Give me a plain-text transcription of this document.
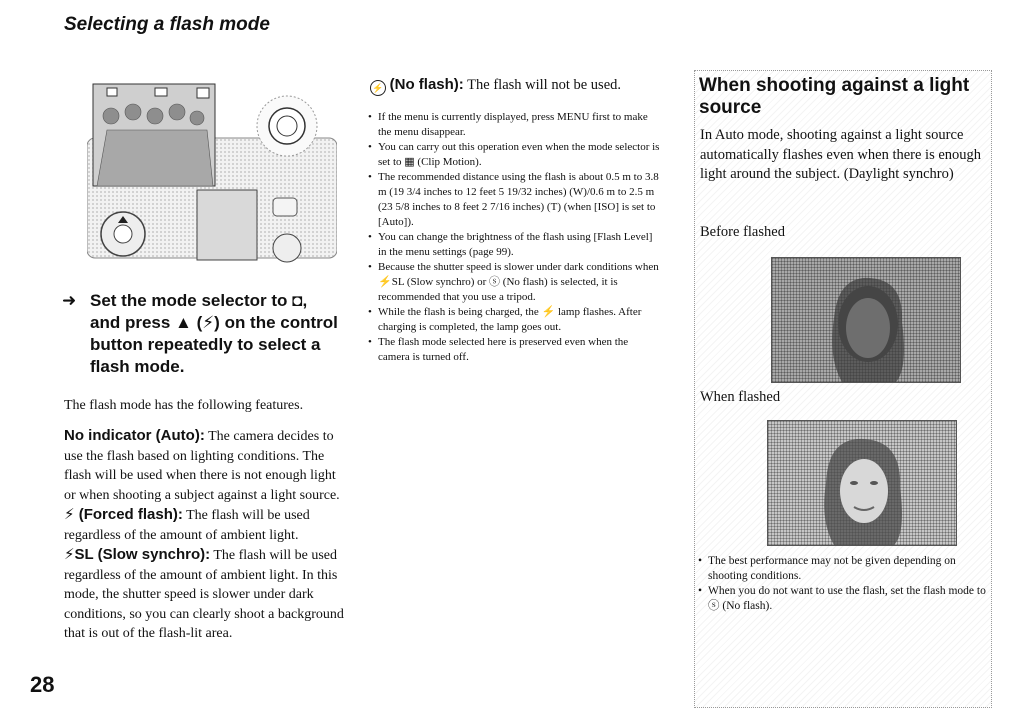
Selecting a flash mode
➜ Set the mode selector to ◘,
and press ▲ (⚡) on the control button repeatedly to select a flash mode.
The flash mode has the following features.
No indicator (Auto): The camera decides to use the flash based on lighting conditions. The flash will be used when there is not enough light or when shooting a subject against a light source.
⚡ (Forced flash): The flash will be used regardless of the amount of ambient light.
⚡SL (Slow synchro): The flash will be used regardless of the amount of ambient light. In this mode, the shutter speed is slower under dark conditions, so you can clearly shoot a background that is out of the flash-lit area.
⚡ (No flash): The flash will not be used.
• If the menu is currently displayed, press MENU first to make the menu disappear.
• You can carry out this operation even when the mode selector is set to ▦ (Clip Motion).
• The recommended distance using the flash is about 0.5 m to 3.8 m (19 3/4 inches to 12 feet 5 19/32 inches) (W)/0.6 m to 2.5 m (23 5/8 inches to 8 feet 2 7/16 inches) (T) (when [ISO] is set to [Auto]).
• You can change the brightness of the flash using [Flash Level] in the menu settings (page 99).
• Because the shutter speed is slower under dark conditions when ⚡SL (Slow synchro) or ⓢ (No flash) is selected, it is recommended that you use a tripod.
• While the flash is being charged, the ⚡ lamp flashes. After charging is completed, the lamp goes out.
• The flash mode selected here is preserved even when the camera is turned off.
When shooting against a light source
In Auto mode, shooting against a light source automatically flashes even when there is enough light around the subject. (Daylight synchro)
Before flashed
When flashed
• The best performance may not be given depending on shooting conditions.
• When you do not want to use the flash, set the flash mode to ⓢ (No flash).
28
